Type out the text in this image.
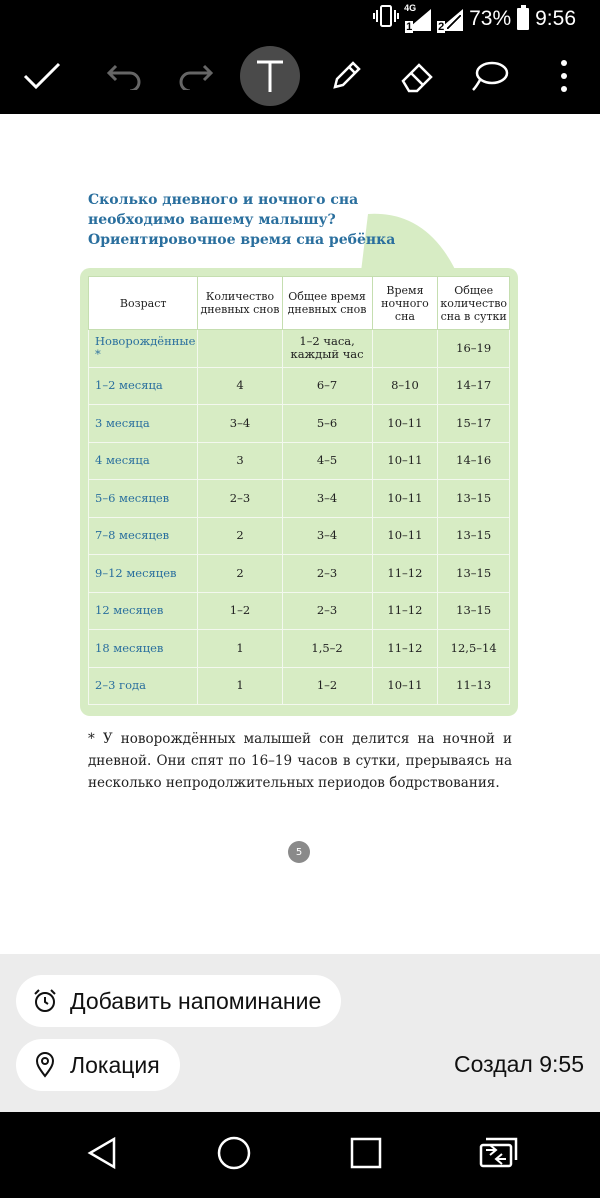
4G
1 2 73% 9:56
Сколько дневного и ночного сна
необходимо вашему малышу?
Ориентировочное время сна ребёнка
Возраст	Количество дневных снов	Общее время дневных снов	Время ночного сна	Общее количество сна в сутки
Новорождённые *		1–2 часа, каждый час		16–19
1–2 месяца	4	6–7	8–10	14–17
3 месяца	3–4	5–6	10–11	15–17
4 месяца	3	4–5	10–11	14–16
5–6 месяцев	2–3	3–4	10–11	13–15
7–8 месяцев	2	3–4	10–11	13–15
9–12 месяцев	2	2–3	11–12	13–15
12 месяцев	1–2	2–3	11–12	13–15
18 месяцев	1	1,5–2	11–12	12,5–14
2–3 года	1	1–2	10–11	11–13
* У новорождённых малышей сон делится на ночной и дневной. Они спят по 16–19 часов в сутки, прерываясь на несколько непродолжительных периодов бодрствования.
5
Добавить напоминание
Локация	Создал 9:55
